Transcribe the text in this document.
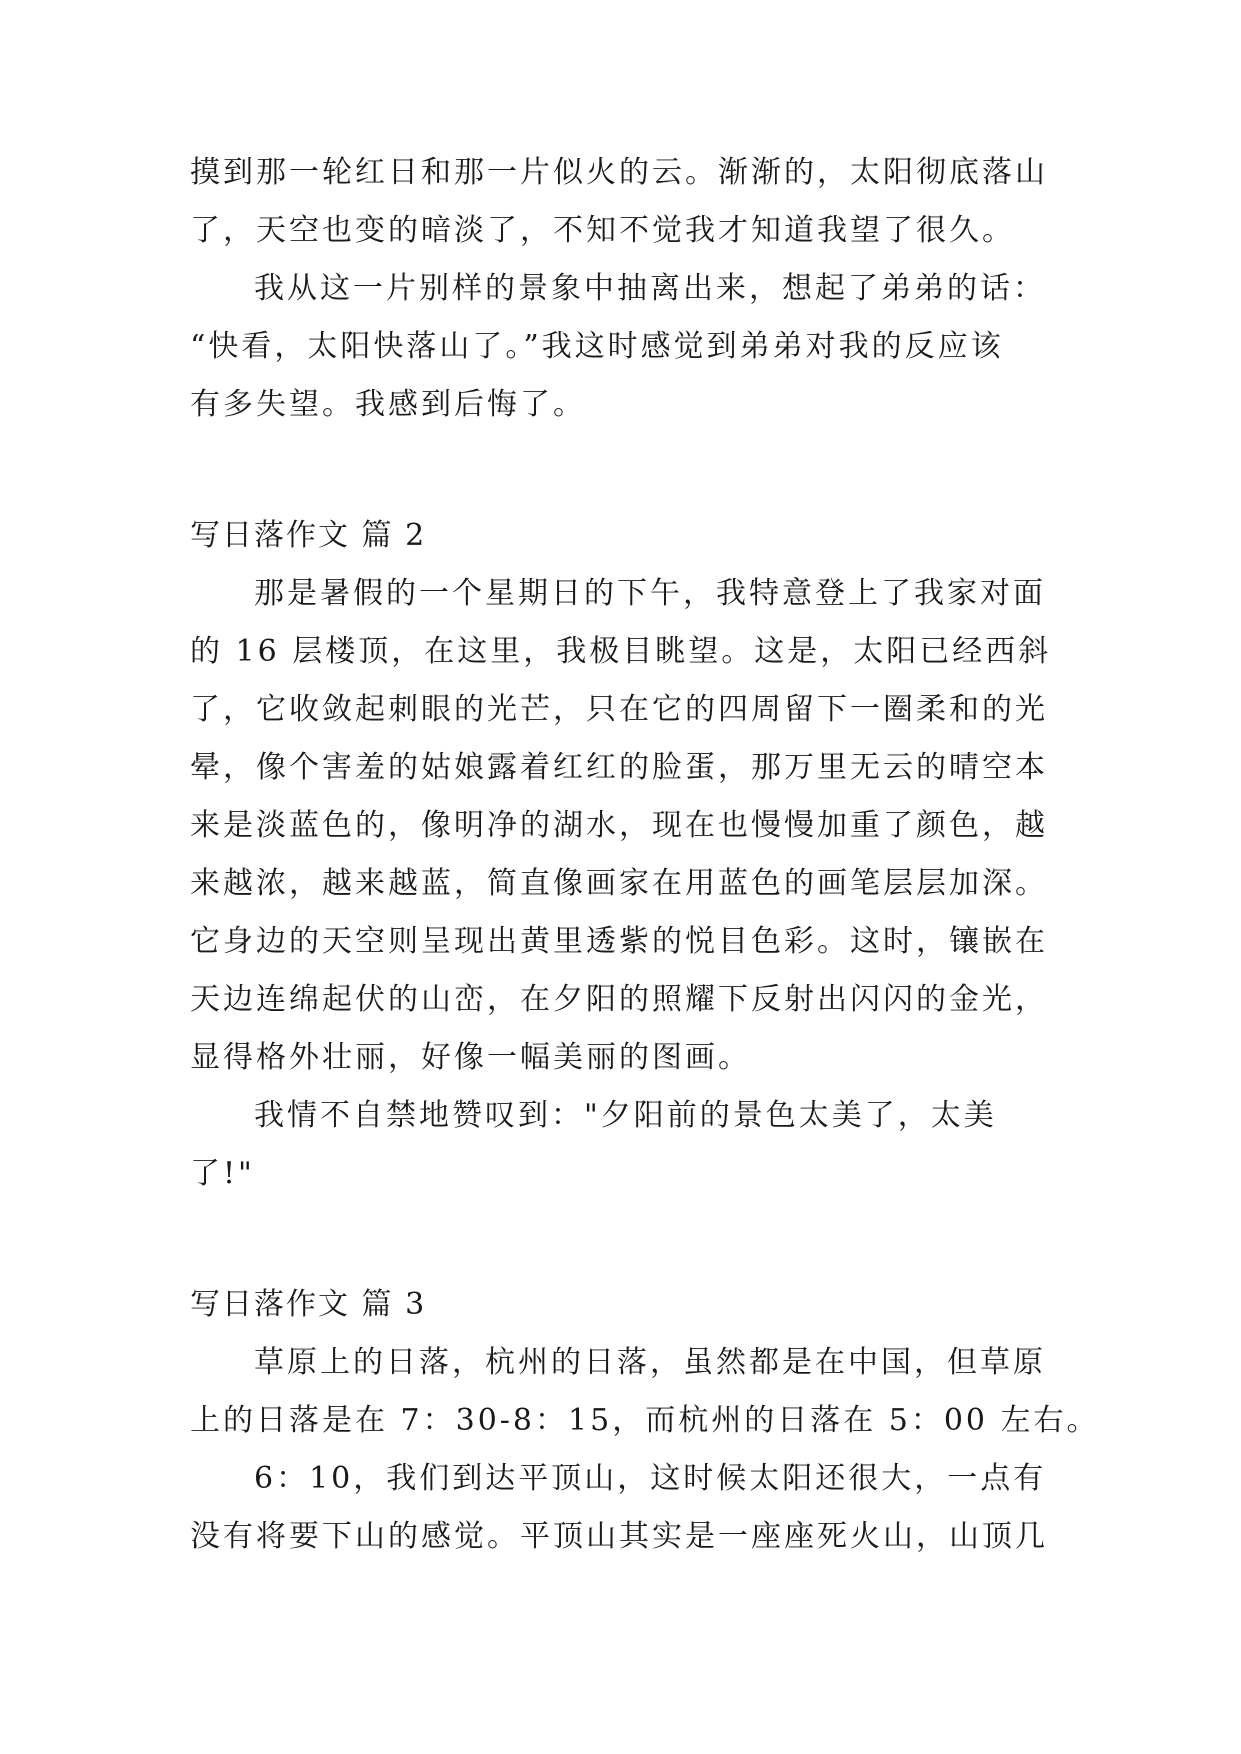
摸到那一轮红日和那一片似火的云。渐渐的，太阳彻底落山
了，天空也变的暗淡了，不知不觉我才知道我望了很久。
我从这一片别样的景象中抽离出来，想起了弟弟的话：
“快看，太阳快落山了。”我这时感觉到弟弟对我的反应该
有多失望。我感到后悔了。
写日落作文 篇 2
那是暑假的一个星期日的下午，我特意登上了我家对面
的 16 层楼顶，在这里，我极目眺望。这是，太阳已经西斜
了，它收敛起刺眼的光芒，只在它的四周留下一圈柔和的光
晕，像个害羞的姑娘露着红红的脸蛋，那万里无云的晴空本
来是淡蓝色的，像明净的湖水，现在也慢慢加重了颜色，越
来越浓，越来越蓝，简直像画家在用蓝色的画笔层层加深。
它身边的天空则呈现出黄里透紫的悦目色彩。这时，镶嵌在
天边连绵起伏的山峦，在夕阳的照耀下反射出闪闪的金光，
显得格外壮丽，好像一幅美丽的图画。
我情不自禁地赞叹到："夕阳前的景色太美了，太美
了!"
写日落作文 篇 3
草原上的日落，杭州的日落，虽然都是在中国，但草原
上的日落是在 7：30-8：15，而杭州的日落在 5：00 左右。
6：10，我们到达平顶山，这时候太阳还很大，一点有
没有将要下山的感觉。平顶山其实是一座座死火山，山顶几
